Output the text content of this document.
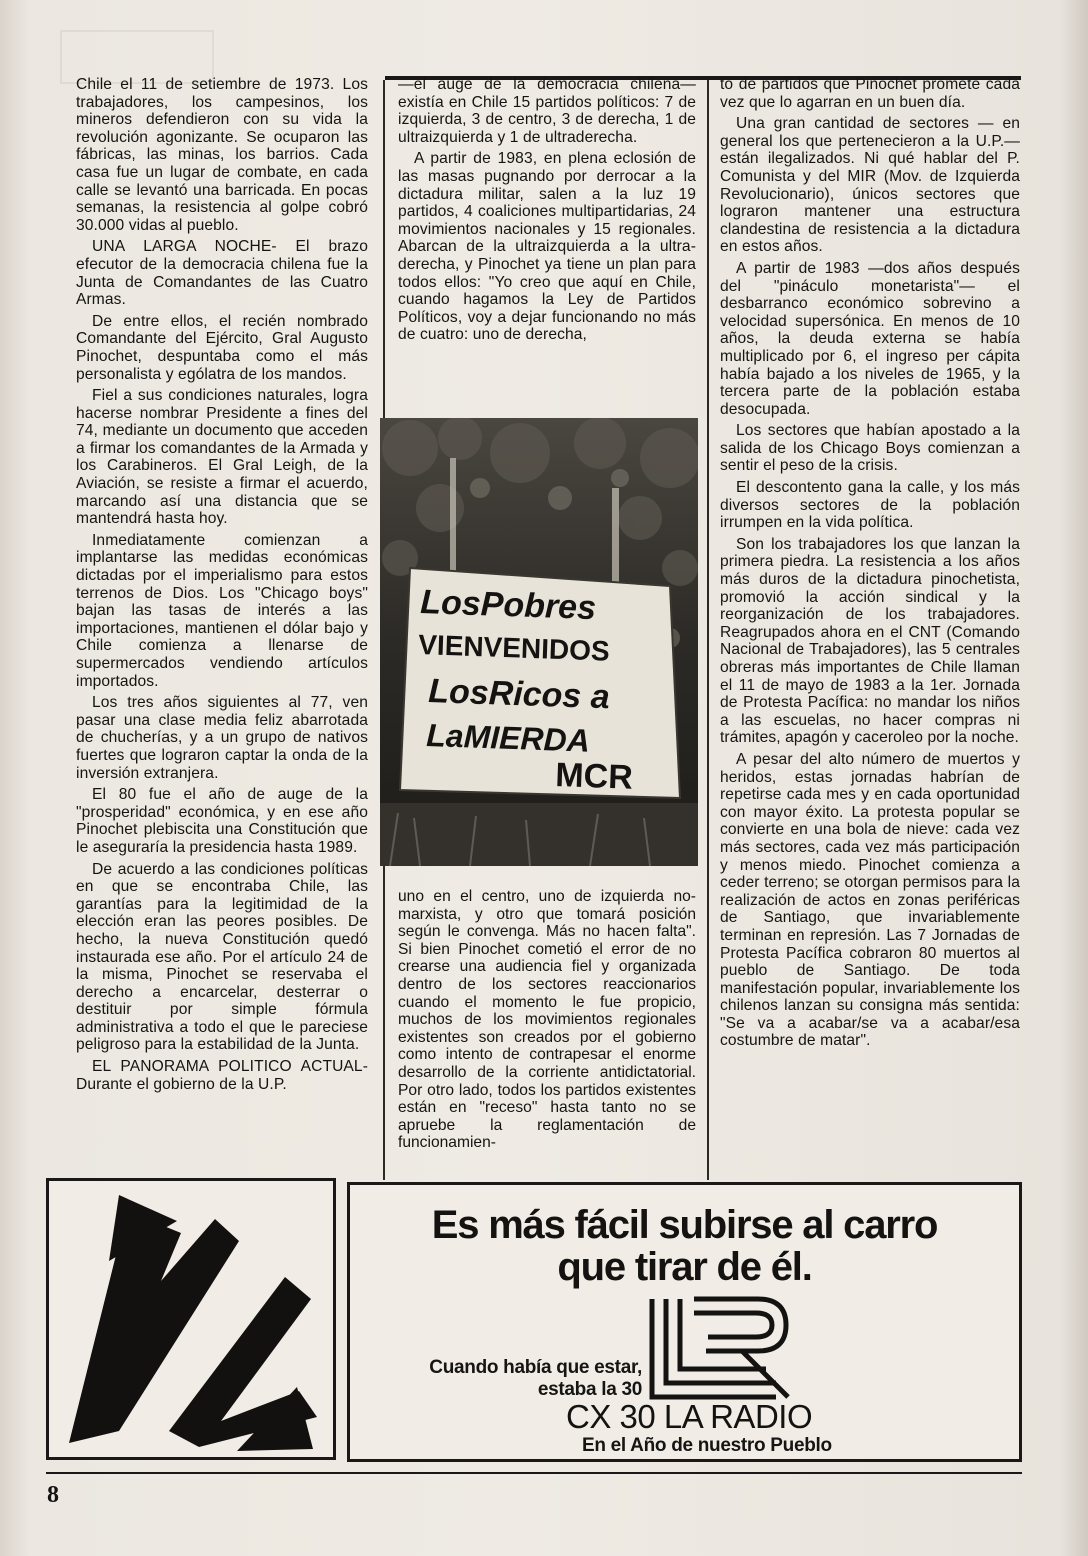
Chile el 11 de setiembre de 1973. Los trabajadores, los campesinos, los mineros defendieron con su vida la revolución agonizante. Se ocuparon las fábricas, las minas, los barrios. Cada casa fue un lugar de combate, en cada calle se levantó una barricada. En pocas semanas, la resistencia al golpe cobró 30.000 vidas al pueblo.

UNA LARGA NOCHE- El brazo efecutor de la democracia chilena fue la Junta de Comandantes de las Cuatro Armas.

De entre ellos, el recién nombrado Comandante del Ejército, Gral Augusto Pinochet, despuntaba como el más personalista y ególatra de los mandos.

Fiel a sus condiciones naturales, logra hacerse nombrar Presidente a fines del 74, mediante un documento que acceden a firmar los comandantes de la Armada y los Carabineros. El Gral Leigh, de la Aviación, se resiste a firmar el acuerdo, marcando así una distancia que se mantendrá hasta hoy.

Inmediatamente comienzan a implantarse las medidas económicas dictadas por el imperialismo para estos terrenos de Dios. Los "Chicago boys" bajan las tasas de interés a las importaciones, mantienen el dólar bajo y Chile comienza a llenarse de supermercados vendiendo artículos importados.

Los tres años siguientes al 77, ven pasar una clase media feliz abarrotada de chucherías, y a un grupo de nativos fuertes que lograron captar la onda de la inversión extranjera.

El 80 fue el año de auge de la "prosperidad" económica, y en ese año Pinochet plebiscita una Constitución que le aseguraría la presidencia hasta 1989.

De acuerdo a las condiciones políticas en que se encontraba Chile, las garantías para la legitimidad de la elección eran las peores posibles. De hecho, la nueva Constitución quedó instaurada ese año. Por el artículo 24 de la misma, Pinochet se reservaba el derecho a encarcelar, desterrar o destituir por simple fórmula administrativa a todo el que le pareciese peligroso para la estabilidad de la Junta.

EL PANORAMA POLITICO ACTUAL- Durante el gobierno de la U.P.

—el auge de la democracia chilena— existía en Chile 15 partidos políticos: 7 de izquierda, 3 de centro, 3 de derecha, 1 de ultraizquierda y 1 de ultraderecha.

A partir de 1983, en plena eclosión de las masas pugnando por derrocar a la dictadura militar, salen a la luz 19 partidos, 4 coaliciones multipartidarias, 24 movimientos nacionales y 15 regionales. Abarcan de la ultraizquierda a la ultra-derecha, y Pinochet ya tiene un plan para todos ellos: "Yo creo que aquí en Chile, cuando hagamos la Ley de Partidos Políticos, voy a dejar funcionando no más de cuatro: uno de derecha,

LosPobres
VIENVENIDOS
LosRicos a
LaMIERDA
MCR

uno en el centro, uno de izquierda no-marxista, y otro que tomará posición según le convenga. Más no hacen falta". Si bien Pinochet cometió el error de no crearse una audiencia fiel y organizada dentro de los sectores reaccionarios cuando el momento le fue propicio, muchos de los movimientos regionales existentes son creados por el gobierno como intento de contrapesar el enorme desarrollo de la corriente antidictatorial. Por otro lado, todos los partidos existentes están en "receso" hasta tanto no se apruebe la reglamentación de funcionamien-

to de partidos que Pinochet promete cada vez que lo agarran en un buen día.

Una gran cantidad de sectores — en general los que pertenecieron a la U.P.— están ilegalizados. Ni qué hablar del P. Comunista y del MIR (Mov. de Izquierda Revolucionario), únicos sectores que lograron mantener una estructura clandestina de resistencia a la dictadura en estos años.

A partir de 1983 —dos años después del "pináculo monetarista"— el desbarranco económico sobrevino a velocidad supersónica. En menos de 10 años, la deuda externa se había multiplicado por 6, el ingreso per cápita había bajado a los niveles de 1965, y la tercera parte de la población estaba desocupada.

Los sectores que habían apostado a la salida de los Chicago Boys comienzan a sentir el peso de la crisis.

El descontento gana la calle, y los más diversos sectores de la población irrumpen en la vida política.

Son los trabajadores los que lanzan la primera piedra. La resistencia a los años más duros de la dictadura pinochetista, promovió la acción sindical y la reorganización de los trabajadores. Reagrupados ahora en el CNT (Comando Nacional de Trabajadores), las 5 centrales obreras más importantes de Chile llaman el 11 de mayo de 1983 a la 1er. Jornada de Protesta Pacífica: no mandar los niños a las escuelas, no hacer compras ni trámites, apagón y caceroleo por la noche.

A pesar del alto número de muertos y heridos, estas jornadas habrían de repetirse cada mes y en cada oportunidad con mayor éxito. La protesta popular se convierte en una bola de nieve: cada vez más sectores, cada vez más participación y menos miedo. Pinochet comienza a ceder terreno; se otorgan permisos para la realización de actos en zonas periféricas de Santiago, que invariablemente terminan en represión. Las 7 Jornadas de Protesta Pacífica cobraron 80 muertos al pueblo de Santiago. De toda manifestación popular, invariablemente los chilenos lanzan su consigna más sentida: "Se va a acabar/se va a acabar/esa costumbre de matar".

Es más fácil subirse al carro
que tirar de él.
Cuando había que estar,
estaba la 30
CX 30 LA RADIO
En el Año de nuestro Pueblo
8
